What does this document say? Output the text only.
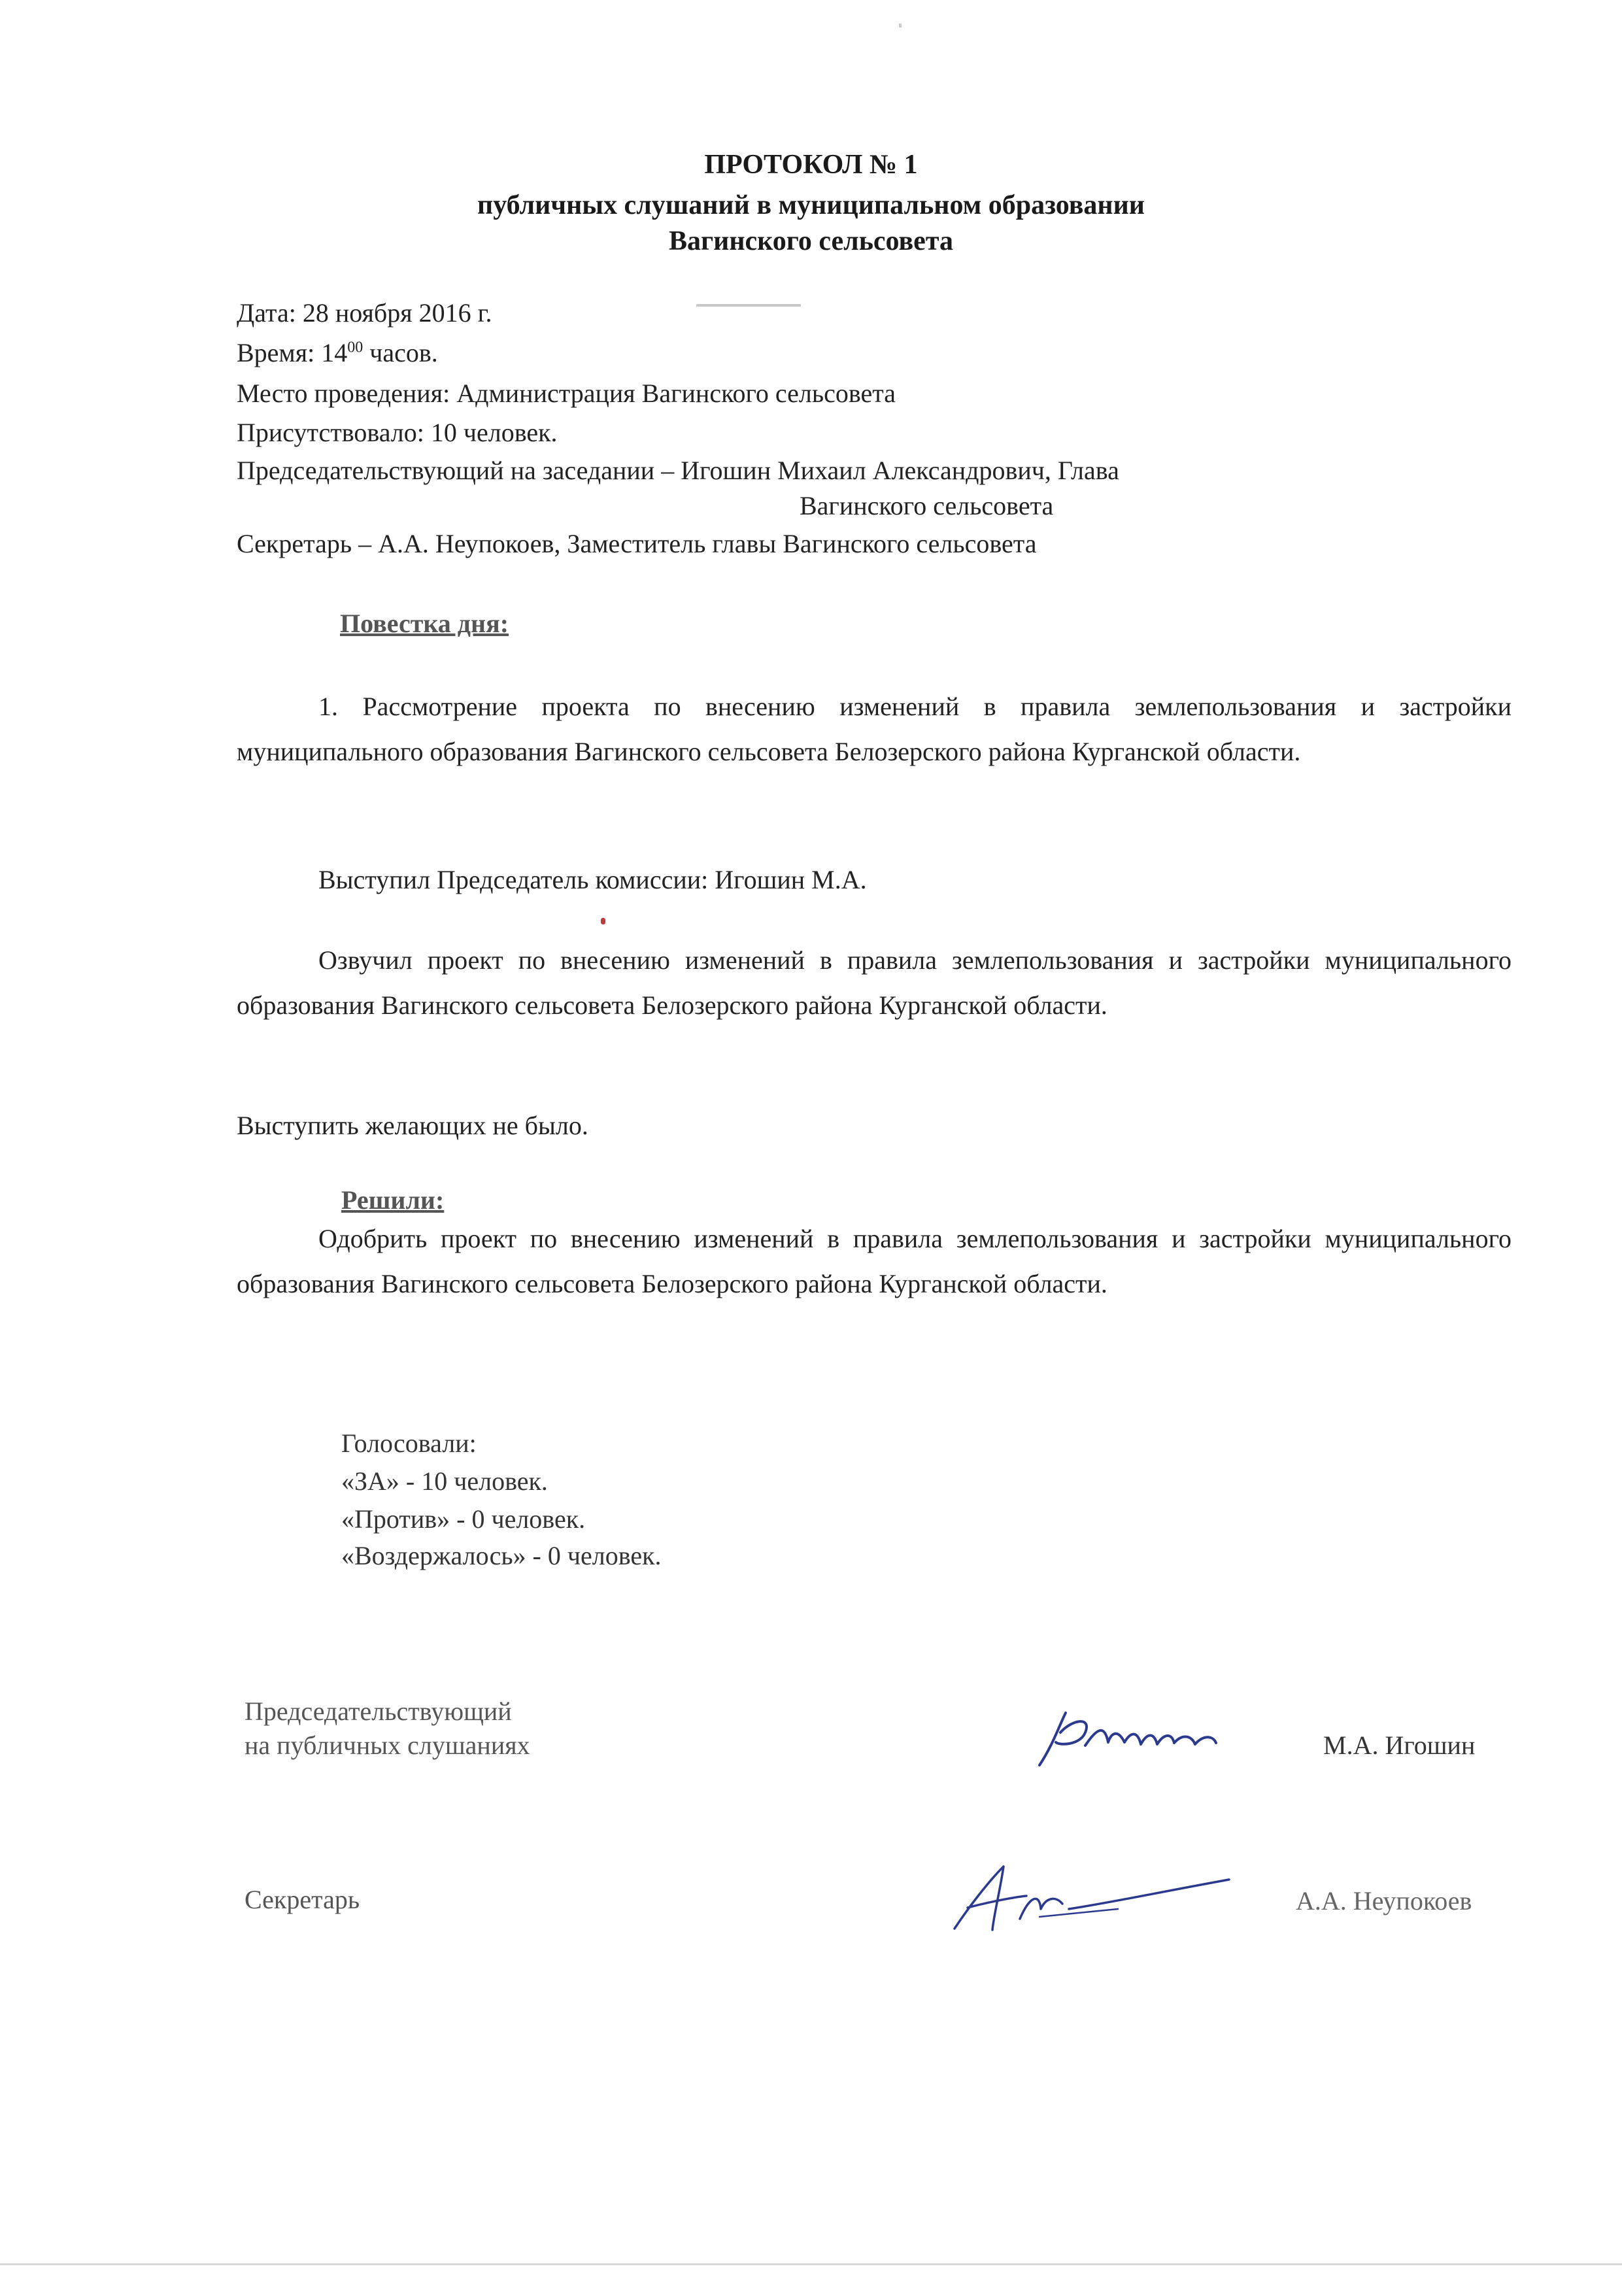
ПРОТОКОЛ № 1
публичных слушаний в муниципальном образовании
Вагинского сельсовета
Дата: 28 ноября 2016 г.
Время: $14^{00}$ часов.
Место проведения: Администрация Вагинского сельсовета
Присутствовало: 10 человек.
Председательствующий на заседании – Игошин Михаил Александрович, Глава
Вагинского сельсовета
Секретарь – А.А. Неупокоев, Заместитель главы Вагинского сельсовета
Повестка дня:
1. Рассмотрение проекта по внесению изменений в правила землепользования и застройки муниципального образования Вагинского сельсовета Белозерского района Курганской области.
Выступил Председатель комиссии: Игошин М.А.
Озвучил проект по внесению изменений в правила землепользования и застройки муниципального образования Вагинского сельсовета Белозерского района Курганской области.
Выступить желающих не было.
Решили:
Одобрить проект по внесению изменений в правила землепользования и застройки муниципального образования Вагинского сельсовета Белозерского района Курганской области.
Голосовали:
«ЗА» - 10 человек.
«Против» - 0 человек.
«Воздержалось» - 0 человек.
Председательствующий
на публичных слушаниях	М.А. Игошин
Секретарь	А.А. Неупокоев
